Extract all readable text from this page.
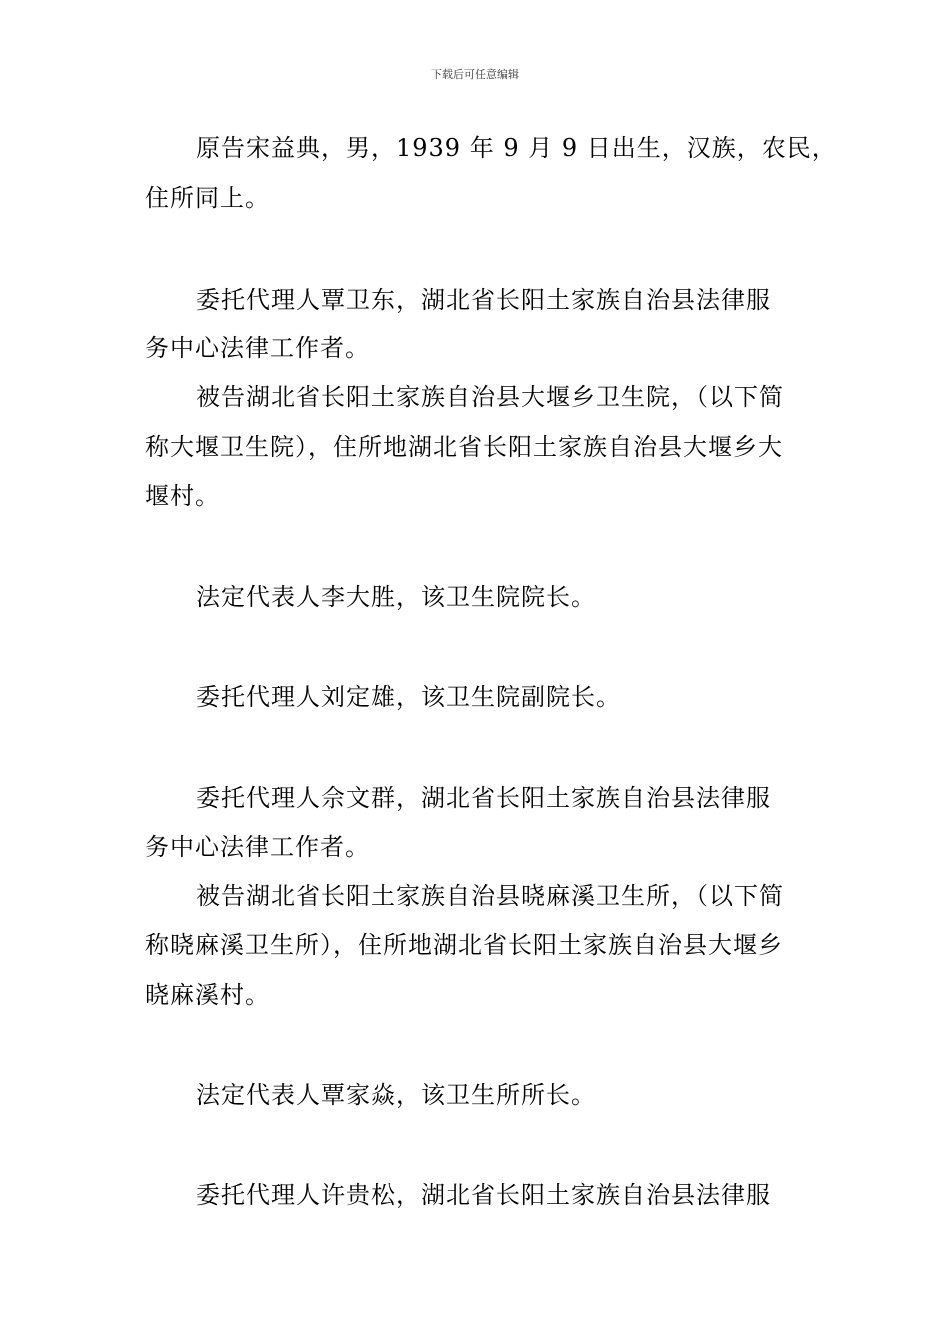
下载后可任意编辑
原告宋益典，男，1939 年 9 月 9 日出生，汉族，农民，
住所同上。
委托代理人覃卫东，湖北省长阳土家族自治县法律服
务中心法律工作者。
被告湖北省长阳土家族自治县大堰乡卫生院，（以下简
称大堰卫生院），住所地湖北省长阳土家族自治县大堰乡大
堰村。
法定代表人李大胜，该卫生院院长。
委托代理人刘定雄，该卫生院副院长。
委托代理人佘文群，湖北省长阳土家族自治县法律服
务中心法律工作者。
被告湖北省长阳土家族自治县晓麻溪卫生所，（以下简
称晓麻溪卫生所），住所地湖北省长阳土家族自治县大堰乡
晓麻溪村。
法定代表人覃家焱，该卫生所所长。
委托代理人许贵松，湖北省长阳土家族自治县法律服
